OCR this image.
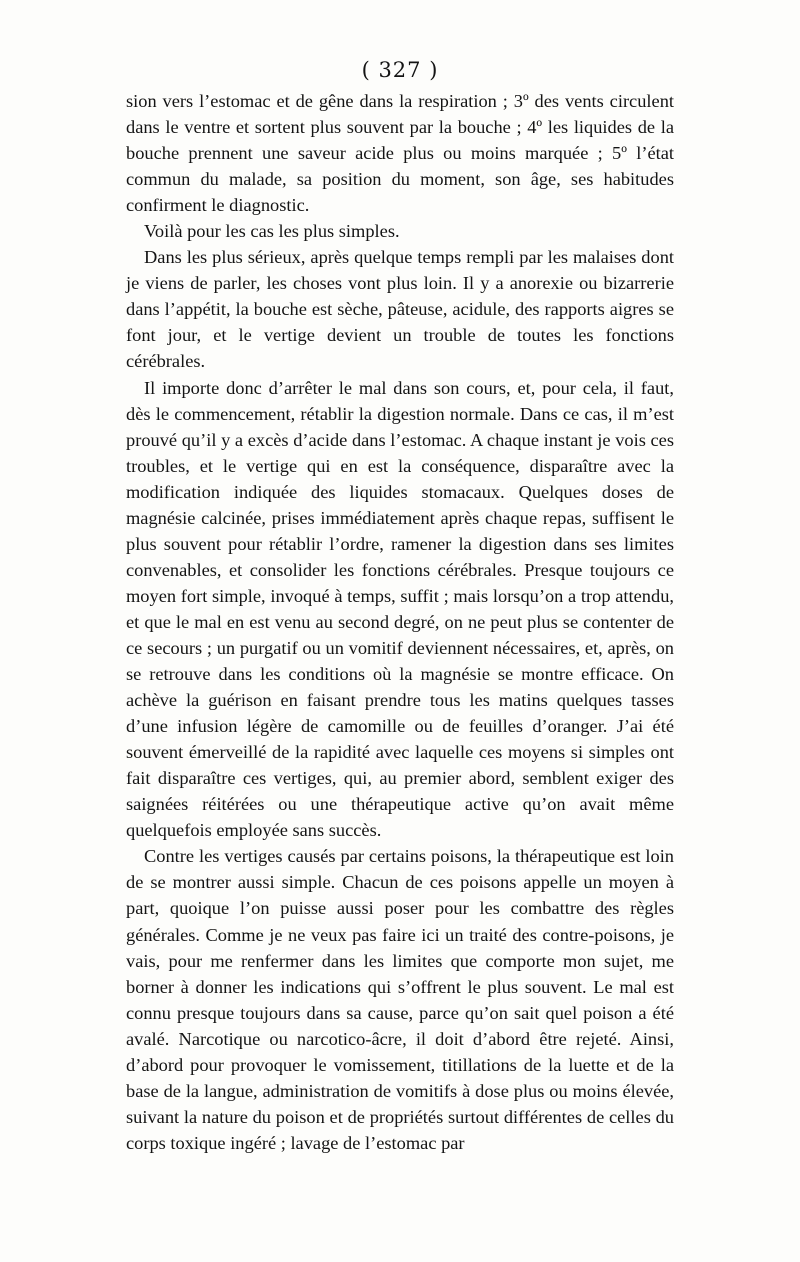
( 327 )

sion vers l’estomac et de gêne dans la respiration ; 3º des vents circulent dans le ventre et sortent plus souvent par la bouche ; 4º les liquides de la bouche prennent une saveur acide plus ou moins marquée ; 5º l’état commun du malade, sa position du moment, son âge, ses habitudes confirment le diagnostic.

Voilà pour les cas les plus simples.

Dans les plus sérieux, après quelque temps rempli par les malaises dont je viens de parler, les choses vont plus loin. Il y a anorexie ou bizarrerie dans l’appétit, la bouche est sèche, pâteuse, acidule, des rapports aigres se font jour, et le vertige devient un trouble de toutes les fonctions cérébrales.

Il importe donc d’arrêter le mal dans son cours, et, pour cela, il faut, dès le commencement, rétablir la digestion normale. Dans ce cas, il m’est prouvé qu’il y a excès d’acide dans l’estomac. A chaque instant je vois ces troubles, et le vertige qui en est la conséquence, disparaître avec la modification indiquée des liquides stomacaux. Quelques doses de magnésie calcinée, prises immédiatement après chaque repas, suffisent le plus souvent pour rétablir l’ordre, ramener la digestion dans ses limites convenables, et consolider les fonctions cérébrales. Presque toujours ce moyen fort simple, invoqué à temps, suffit ; mais lorsqu’on a trop attendu, et que le mal en est venu au second degré, on ne peut plus se contenter de ce secours ; un purgatif ou un vomitif deviennent nécessaires, et, après, on se retrouve dans les conditions où la magnésie se montre efficace. On achève la guérison en faisant prendre tous les matins quelques tasses d’une infusion légère de camomille ou de feuilles d’oranger. J’ai été souvent émerveillé de la rapidité avec laquelle ces moyens si simples ont fait disparaître ces vertiges, qui, au premier abord, semblent exiger des saignées réitérées ou une thérapeutique active qu’on avait même quelquefois employée sans succès.

Contre les vertiges causés par certains poisons, la thérapeutique est loin de se montrer aussi simple. Chacun de ces poisons appelle un moyen à part, quoique l’on puisse aussi poser pour les combattre des règles générales. Comme je ne veux pas faire ici un traité des contre-poisons, je vais, pour me renfermer dans les limites que comporte mon sujet, me borner à donner les indications qui s’offrent le plus souvent. Le mal est connu presque toujours dans sa cause, parce qu’on sait quel poison a été avalé. Narcotique ou narcotico-âcre, il doit d’abord être rejeté. Ainsi, d’abord pour provoquer le vomissement, titillations de la luette et de la base de la langue, administration de vomitifs à dose plus ou moins élevée, suivant la nature du poison et de propriétés surtout différentes de celles du corps toxique ingéré ; lavage de l’estomac par
